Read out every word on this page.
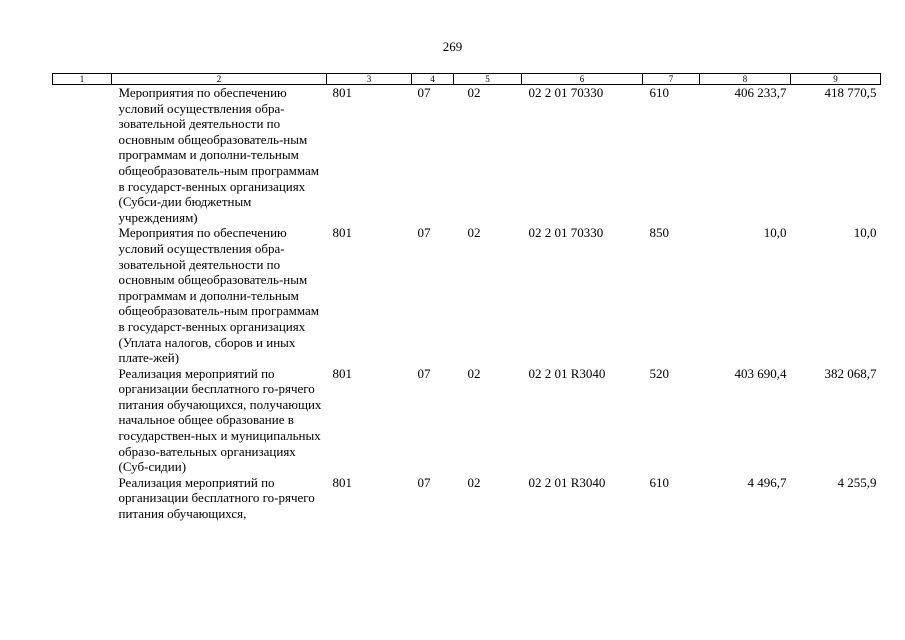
269
1	2	3	4	5	6	7	8	9
	Мероприятия по обеспечению условий осуществления обра-зовательной деятельности по основным общеобразователь-ным программам и дополни-тельным общеобразователь-ным программам в государст-венных организациях (Субси-дии бюджетным учреждениям)	801	07	02	02 2 01 70330	610	406 233,7	418 770,5
	Мероприятия по обеспечению условий осуществления обра-зовательной деятельности по основным общеобразователь-ным программам и дополни-тельным общеобразователь-ным программам в государст-венных организациях (Уплата налогов, сборов и иных плате-жей)	801	07	02	02 2 01 70330	850	10,0	10,0
	Реализация мероприятий по организации бесплатного го-рячего питания обучающихся, получающих начальное общее образование в государствен-ных и муниципальных образо-вательных организациях (Суб-сидии)	801	07	02	02 2 01 R3040	520	403 690,4	382 068,7
	Реализация мероприятий по организации бесплатного го-рячего питания обучающихся,	801	07	02	02 2 01 R3040	610	4 496,7	4 255,9
